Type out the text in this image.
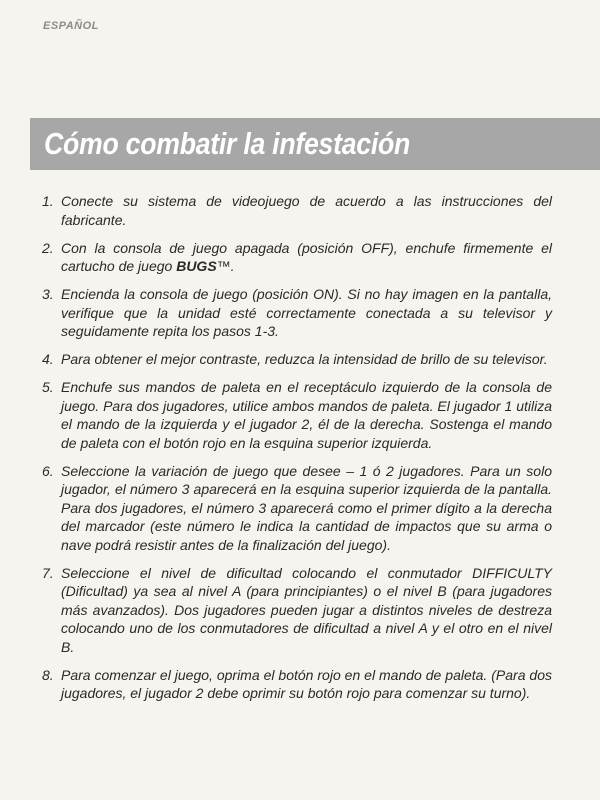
ESPAÑOL
Cómo combatir la infestación
1. Conecte su sistema de videojuego de acuerdo a las instrucciones del fabricante.
2. Con la consola de juego apagada (posición OFF), enchufe firmemente el cartucho de juego BUGS™.
3. Encienda la consola de juego (posición ON). Si no hay imagen en la pantalla, verifique que la unidad esté correctamente conectada a su televisor y seguidamente repita los pasos 1-3.
4. Para obtener el mejor contraste, reduzca la intensidad de brillo de su televisor.
5. Enchufe sus mandos de paleta en el receptáculo izquierdo de la consola de juego. Para dos jugadores, utilice ambos mandos de paleta. El jugador 1 utiliza el mando de la izquierda y el jugador 2, él de la derecha. Sostenga el mando de paleta con el botón rojo en la esquina superior izquierda.
6. Seleccione la variación de juego que desee – 1 ó 2 jugadores. Para un solo jugador, el número 3 aparecerá en la esquina superior izquierda de la pantalla. Para dos jugadores, el número 3 aparecerá como el primer dígito a la derecha del marcador (este número le indica la cantidad de impactos que su arma o nave podrá resistir antes de la finalización del juego).
7. Seleccione el nivel de dificultad colocando el conmutador DIFFICULTY (Dificultad) ya sea al nivel A (para principiantes) o el nivel B (para jugadores más avanzados). Dos jugadores pueden jugar a distintos niveles de destreza colocando uno de los conmutadores de dificultad a nivel A y el otro en el nivel B.
8. Para comenzar el juego, oprima el botón rojo en el mando de paleta. (Para dos jugadores, el jugador 2 debe oprimir su botón rojo para comenzar su turno).
